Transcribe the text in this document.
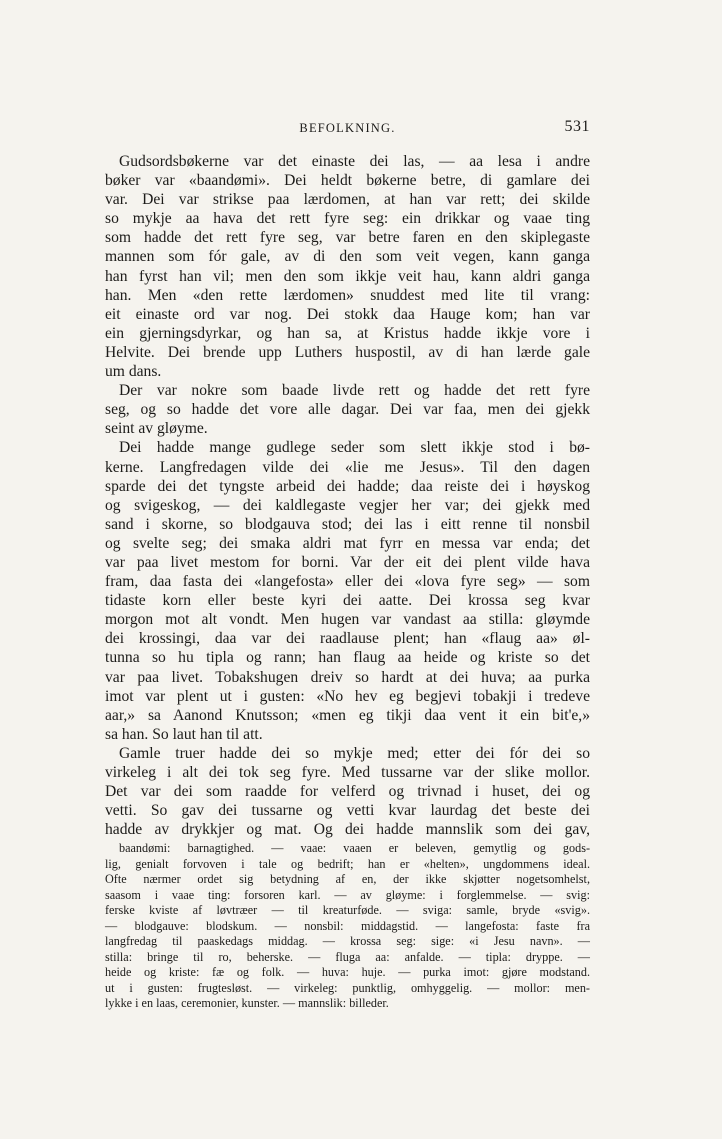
BEFOLKNING.	531
Gudsordsbøkerne var det einaste dei las, — aa lesa i andre
bøker var «baandømi». Dei heldt bøkerne betre, di gamlare dei
var. Dei var strikse paa lærdomen, at han var rett; dei skilde
so mykje aa hava det rett fyre seg: ein drikkar og vaae ting
som hadde det rett fyre seg, var betre faren en den skiplegaste
mannen som fór gale, av di den som veit vegen, kann ganga
han fyrst han vil; men den som ikkje veit hau, kann aldri ganga
han. Men «den rette lærdomen» snuddest med lite til vrang:
eit einaste ord var nog. Dei stokk daa Hauge kom; han var
ein gjerningsdyrkar, og han sa, at Kristus hadde ikkje vore i
Helvite. Dei brende upp Luthers huspostil, av di han lærde gale
um dans.
Der var nokre som baade livde rett og hadde det rett fyre
seg, og so hadde det vore alle dagar. Dei var faa, men dei gjekk
seint av gløyme.
Dei hadde mange gudlege seder som slett ikkje stod i bø-
kerne. Langfredagen vilde dei «lie me Jesus». Til den dagen
sparde dei det tyngste arbeid dei hadde; daa reiste dei i høyskog
og svigeskog, — dei kaldlegaste vegjer her var; dei gjekk med
sand i skorne, so blodgauva stod; dei las i eitt renne til nonsbil
og svelte seg; dei smaka aldri mat fyrr en messa var enda; det
var paa livet mestom for borni. Var der eit dei plent vilde hava
fram, daa fasta dei «langefosta» eller dei «lova fyre seg» — som
tidaste korn eller beste kyri dei aatte. Dei krossa seg kvar
morgon mot alt vondt. Men hugen var vandast aa stilla: gløymde
dei krossingi, daa var dei raadlause plent; han «flaug aa» øl-
tunna so hu tipla og rann; han flaug aa heide og kriste so det
var paa livet. Tobakshugen dreiv so hardt at dei huva; aa purka
imot var plent ut i gusten: «No hev eg begjevi tobakji i tredeve
aar,» sa Aanond Knutsson; «men eg tikji daa vent it ein bit'e,»
sa han. So laut han til att.
Gamle truer hadde dei so mykje med; etter dei fór dei so
virkeleg i alt dei tok seg fyre. Med tussarne var der slike mollor.
Det var dei som raadde for velferd og trivnad i huset, dei og
vetti. So gav dei tussarne og vetti kvar laurdag det beste dei
hadde av drykkjer og mat. Og dei hadde mannslik som dei gav,
baandømi: barnagtighed. — vaae: vaaen er beleven, gemytlig og gods-
lig, genialt forvoven i tale og bedrift; han er «helten», ungdommens ideal.
Ofte nærmer ordet sig betydning af en, der ikke skjøtter nogetsomhelst,
saasom i vaae ting: forsoren karl. — av gløyme: i forglemmelse. — svig:
ferske kviste af løvtræer — til kreaturføde. — sviga: samle, bryde «svig».
— blodgauve: blodskum. — nonsbil: middagstid. — langefosta: faste fra
langfredag til paaskedags middag. — krossa seg: sige: «i Jesu navn». —
stilla: bringe til ro, beherske. — fluga aa: anfalde. — tipla: dryppe. —
heide og kriste: fæ og folk. — huva: huje. — purka imot: gjøre modstand.
ut i gusten: frugtesløst. — virkeleg: punktlig, omhyggelig. — mollor: men-
lykke i en laas, ceremonier, kunster. — mannslik: billeder.
